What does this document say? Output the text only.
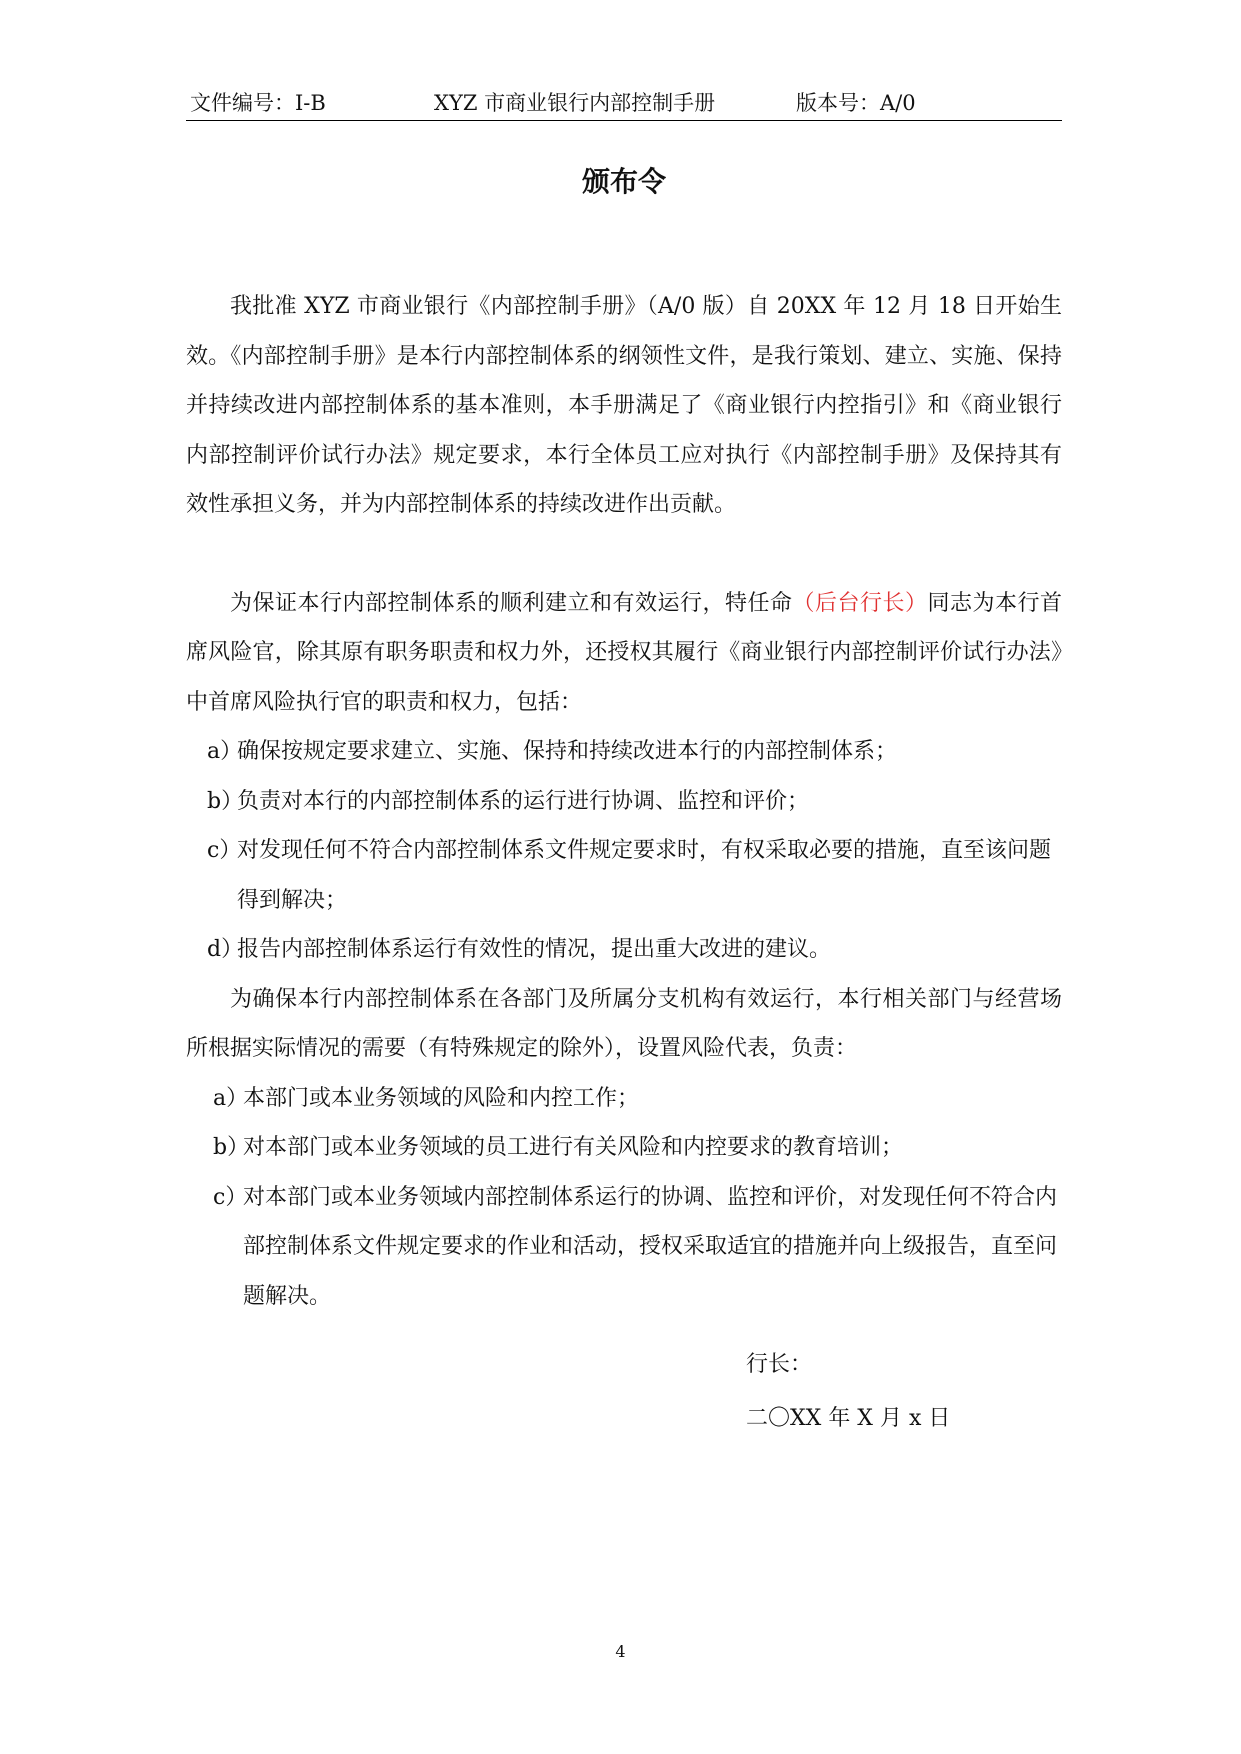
文件编号：I-B	XYZ 市商业银行内部控制手册	版本号：A/0
颁布令

我批准 XYZ 市商业银行《内部控制手册》（A/0 版）自 20XX 年 12 月 18 日开始生效。《内部控制手册》是本行内部控制体系的纲领性文件，是我行策划、建立、实施、保持并持续改进内部控制体系的基本准则，本手册满足了《商业银行内控指引》和《商业银行内部控制评价试行办法》规定要求，本行全体员工应对执行《内部控制手册》及保持其有效性承担义务，并为内部控制体系的持续改进作出贡献。

为保证本行内部控制体系的顺利建立和有效运行，特任命（后台行长）同志为本行首席风险官，除其原有职务职责和权力外，还授权其履行《商业银行内部控制评价试行办法》中首席风险执行官的职责和权力，包括：

a）确保按规定要求建立、实施、保持和持续改进本行的内部控制体系；
b）负责对本行的内部控制体系的运行进行协调、监控和评价；
c）对发现任何不符合内部控制体系文件规定要求时，有权采取必要的措施，直至该问题得到解决；
d）报告内部控制体系运行有效性的情况，提出重大改进的建议。

为确保本行内部控制体系在各部门及所属分支机构有效运行，本行相关部门与经营场所根据实际情况的需要（有特殊规定的除外），设置风险代表，负责：

a）本部门或本业务领域的风险和内控工作；
b）对本部门或本业务领域的员工进行有关风险和内控要求的教育培训；
c）对本部门或本业务领域内部控制体系运行的协调、监控和评价，对发现任何不符合内部控制体系文件规定要求的作业和活动，授权采取适宜的措施并向上级报告，直至问题解决。
行长：
二〇XX 年 X 月 x 日
4
